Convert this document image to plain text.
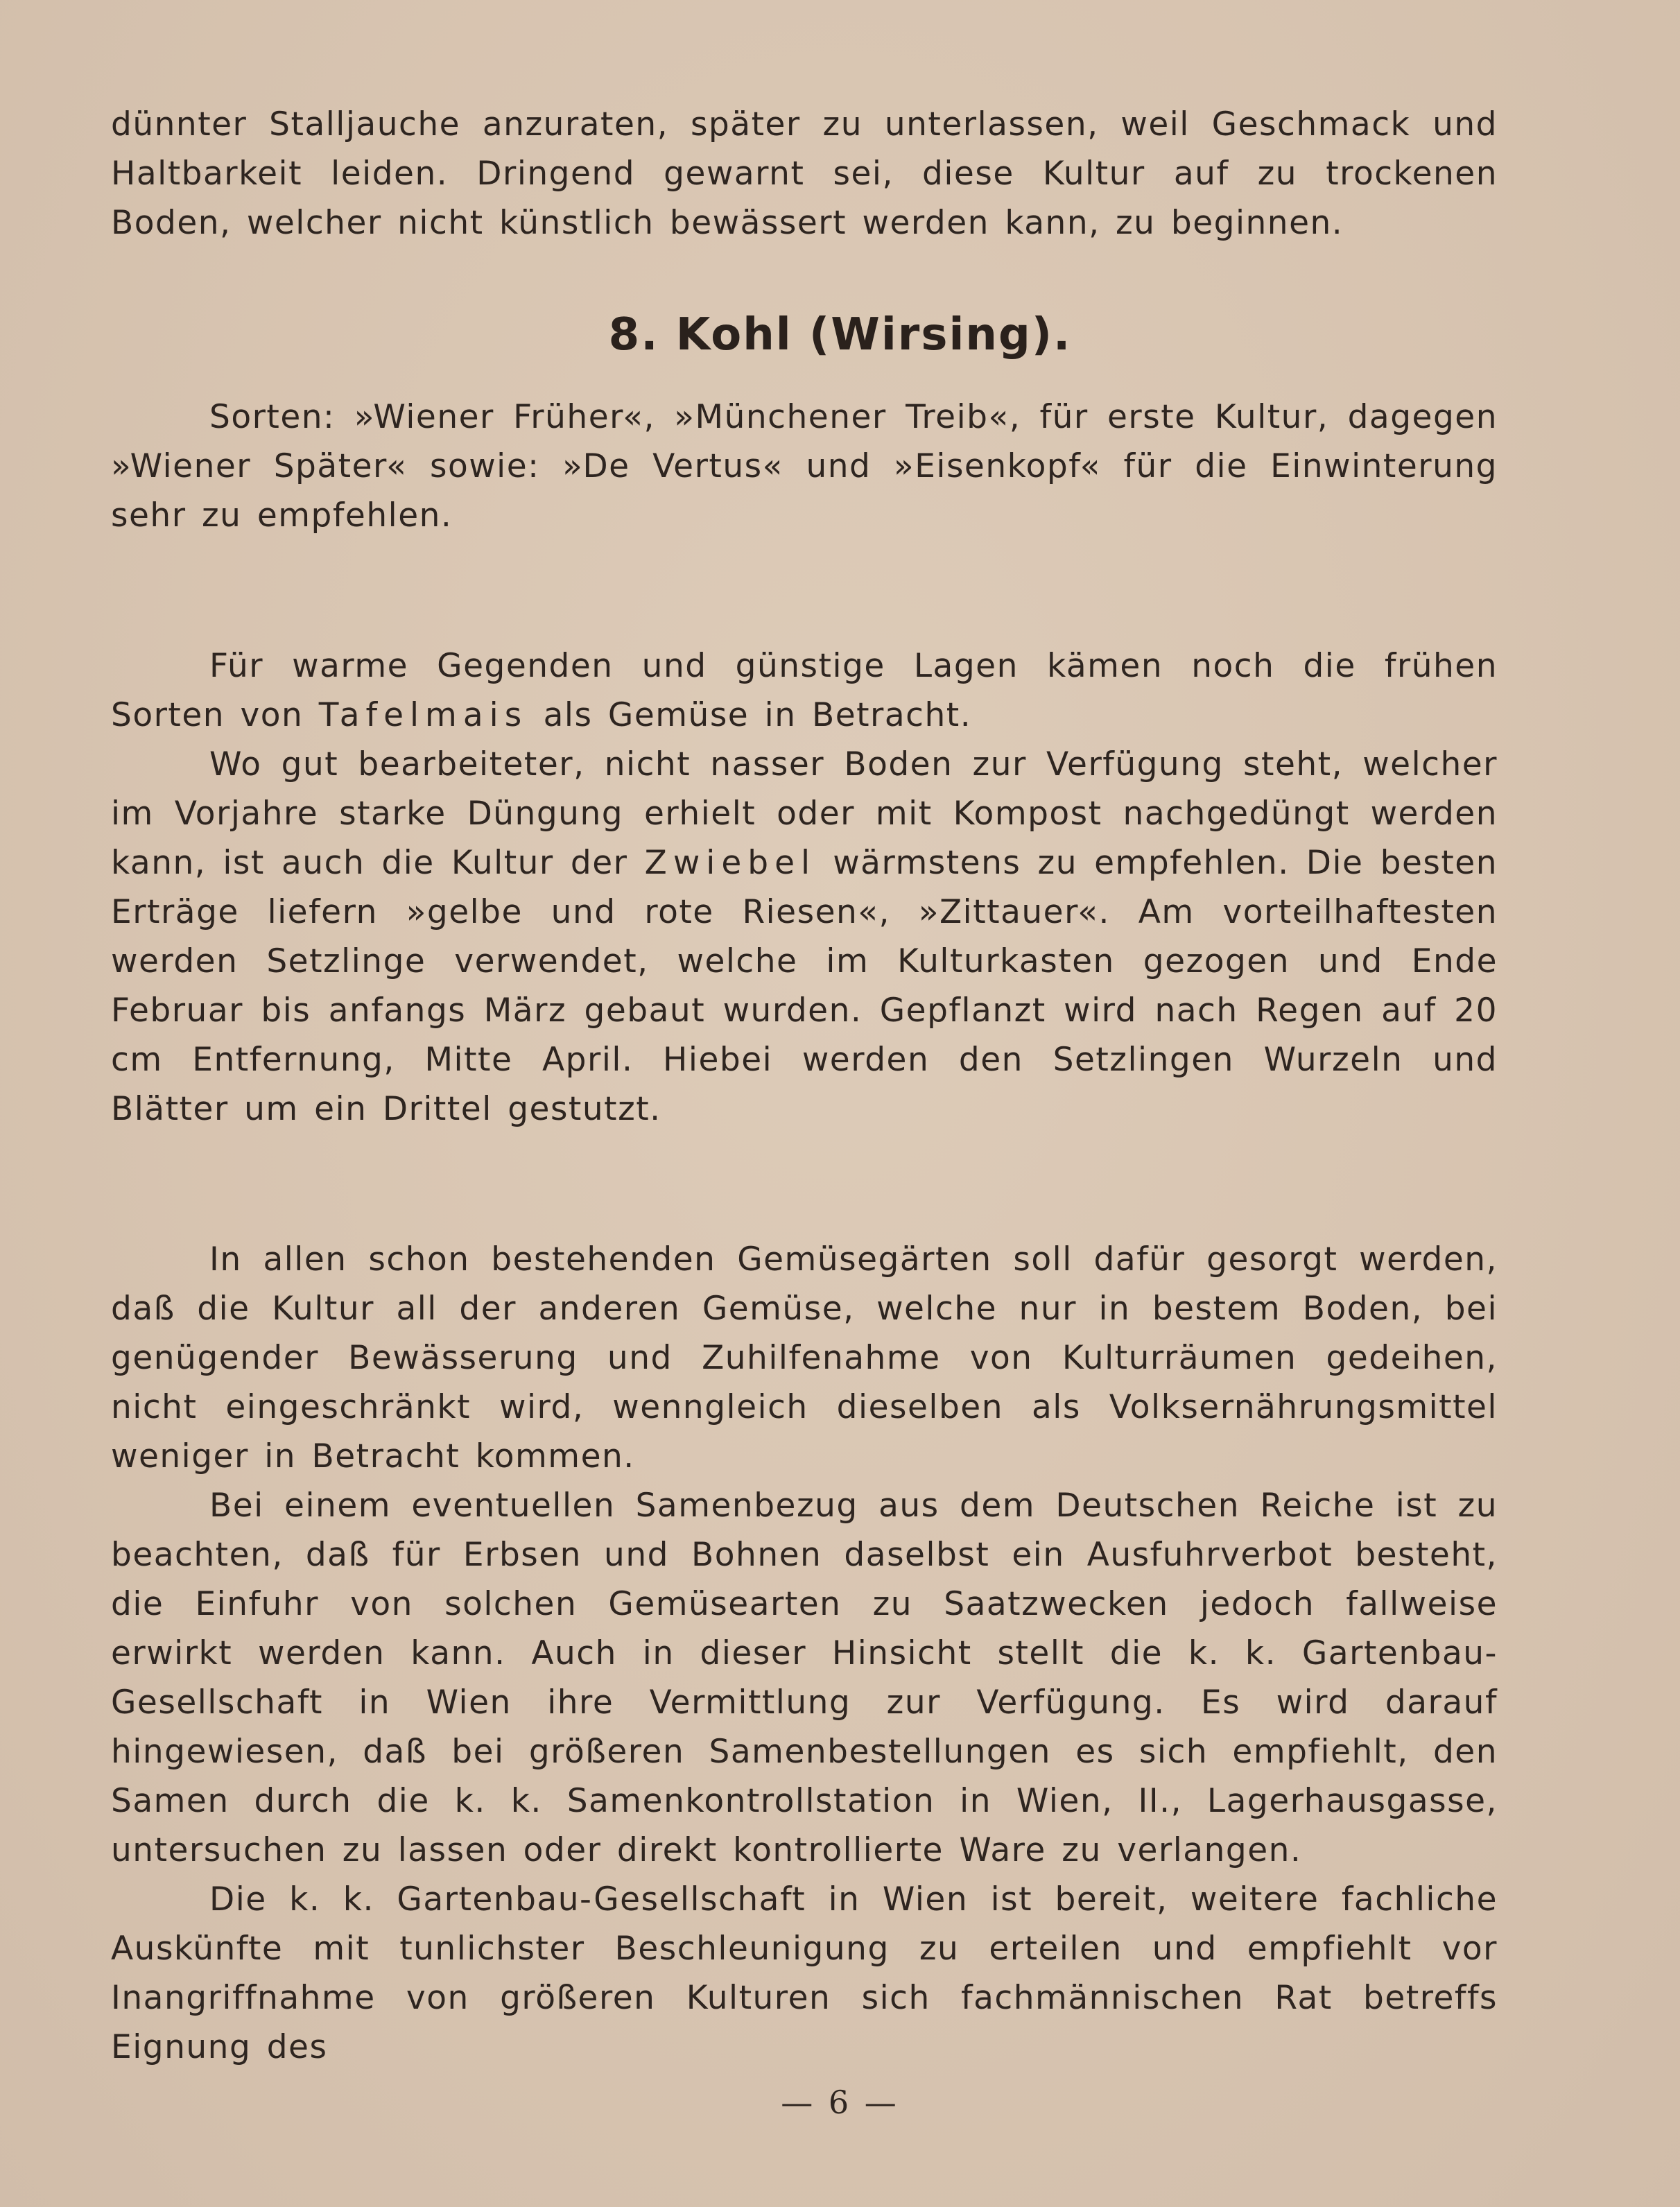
dünnter Stalljauche anzuraten, später zu unterlassen, weil Geschmack und Haltbarkeit leiden. Dringend gewarnt sei, diese Kultur auf zu trockenen Boden, welcher nicht künstlich bewässert werden kann, zu beginnen.

8. Kohl (Wirsing).

Sorten: »Wiener Früher«, »Münchener Treib«, für erste Kultur, dagegen »Wiener Später« sowie: »De Vertus« und »Eisenkopf« für die Einwinterung sehr zu empfehlen.

Für warme Gegenden und günstige Lagen kämen noch die frühen Sorten von Tafelmais als Gemüse in Betracht.

Wo gut bearbeiteter, nicht nasser Boden zur Verfügung steht, welcher im Vorjahre starke Düngung erhielt oder mit Kompost nachgedüngt werden kann, ist auch die Kultur der Zwiebel wärmstens zu empfehlen. Die besten Erträge liefern »gelbe und rote Riesen«, »Zittauer«. Am vorteilhaftesten werden Setzlinge verwendet, welche im Kulturkasten gezogen und Ende Februar bis anfangs März gebaut wurden. Gepflanzt wird nach Regen auf 20 cm Entfernung, Mitte April. Hiebei werden den Setzlingen Wurzeln und Blätter um ein Drittel gestutzt.

In allen schon bestehenden Gemüsegärten soll dafür gesorgt werden, daß die Kultur all der anderen Gemüse, welche nur in bestem Boden, bei genügender Bewässerung und Zuhilfenahme von Kulturräumen gedeihen, nicht eingeschränkt wird, wenngleich dieselben als Volksernährungsmittel weniger in Betracht kommen.

Bei einem eventuellen Samenbezug aus dem Deutschen Reiche ist zu beachten, daß für Erbsen und Bohnen daselbst ein Ausfuhrverbot besteht, die Einfuhr von solchen Gemüsearten zu Saatzwecken jedoch fallweise erwirkt werden kann. Auch in dieser Hinsicht stellt die k. k. Gartenbau-Gesellschaft in Wien ihre Vermittlung zur Verfügung. Es wird darauf hingewiesen, daß bei größeren Samenbestellungen es sich empfiehlt, den Samen durch die k. k. Samenkontrollstation in Wien, II., Lagerhausgasse, untersuchen zu lassen oder direkt kontrollierte Ware zu verlangen.

Die k. k. Gartenbau-Gesellschaft in Wien ist bereit, weitere fachliche Auskünfte mit tunlichster Beschleunigung zu erteilen und empfiehlt vor Inangriffnahme von größeren Kulturen sich fachmännischen Rat betreffs Eignung des

— 6 —
